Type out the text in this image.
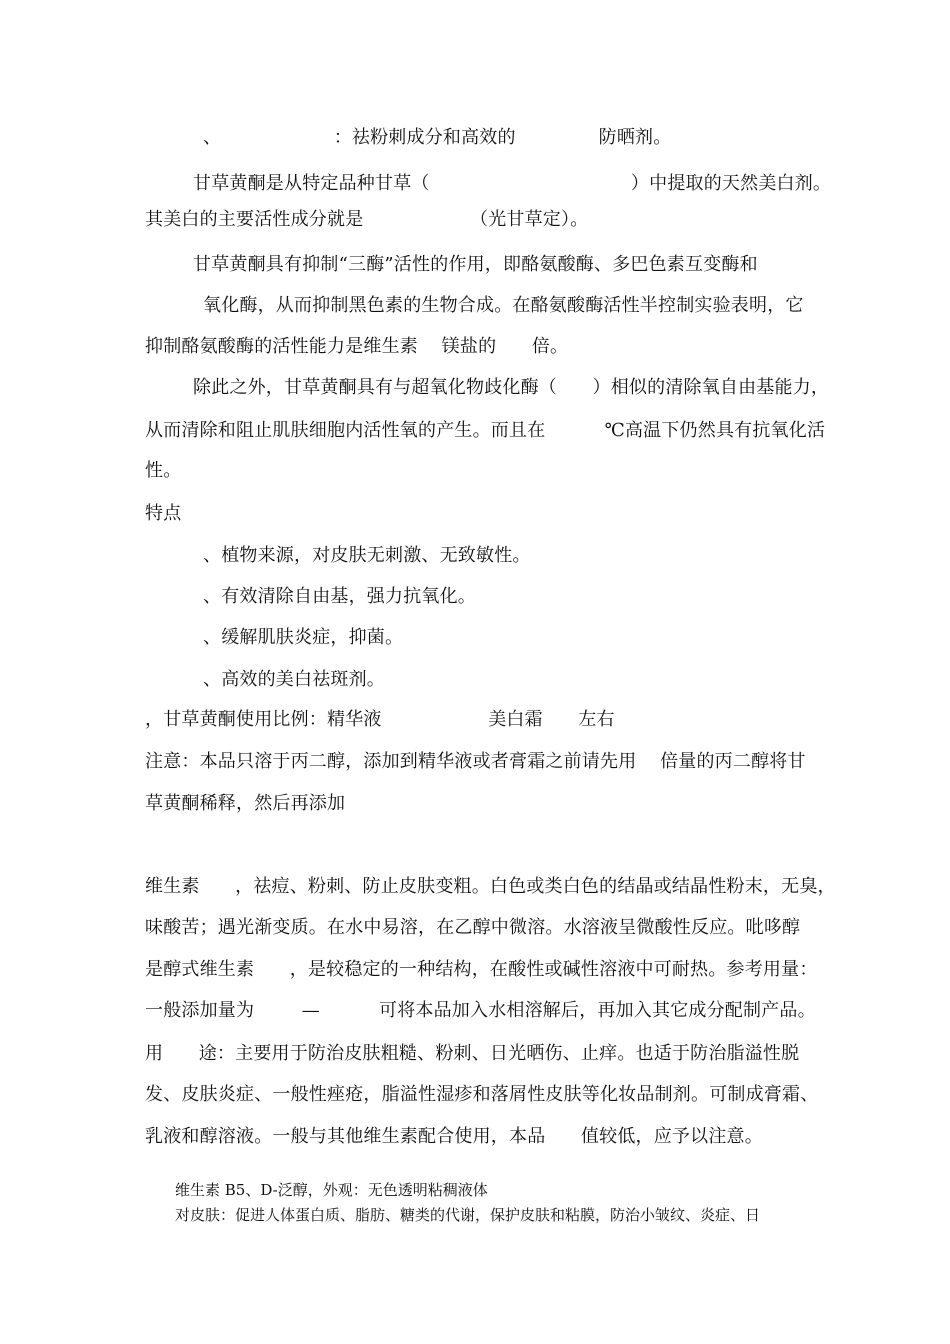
、                   ：祛粉刺成分和高效的              防晒剂。
甘草黄酮是从特定品种甘草（                                  ）中提取的天然美白剂。
其美白的主要活性成分就是                  （光甘草定）。
甘草黄酮具有抑制“三酶”活性的作用，即酪氨酸酶、多巴色素互变酶和
氧化酶，从而抑制黑色素的生物合成。在酪氨酸酶活性半控制实验表明，它
抑制酪氨酸酶的活性能力是维生素    镁盐的      倍。
除此之外，甘草黄酮具有与超氧化物歧化酶（      ）相似的清除氧自由基能力，
从而清除和阻止肌肤细胞内活性氧的产生。而且在          ℃高温下仍然具有抗氧化活
性。
特点
、植物来源，对皮肤无刺激、无致敏性。
、有效清除自由基，强力抗氧化。
、缓解肌肤炎症，抑菌。
、高效的美白祛斑剂。
，甘草黄酮使用比例：精华液                  美白霜      左右
注意：本品只溶于丙二醇，添加到精华液或者膏霜之前请先用    倍量的丙二醇将甘
草黄酮稀释，然后再添加
维生素      ，祛痘、粉刺、防止皮肤变粗。白色或类白色的结晶或结晶性粉末，无臭，
味酸苦；遇光渐变质。在水中易溶，在乙醇中微溶。水溶液呈微酸性反应。吡哆醇
是醇式维生素      ，是较稳定的一种结构，在酸性或碱性溶液中可耐热。参考用量：
一般添加量为        —          可将本品加入水相溶解后，再加入其它成分配制产品。
用      途：主要用于防治皮肤粗糙、粉刺、日光晒伤、止痒。也适于防治脂溢性脱
发、皮肤炎症、一般性痤疮，脂溢性湿疹和落屑性皮肤等化妆品制剂。可制成膏霜、
乳液和醇溶液。一般与其他维生素配合使用，本品      值较低，应予以注意。
维生素 B5、D-泛醇，外观：无色透明粘稠液体
对皮肤：促进人体蛋白质、脂肪、糖类的代谢，保护皮肤和粘膜，防治小皱纹、炎症、日
